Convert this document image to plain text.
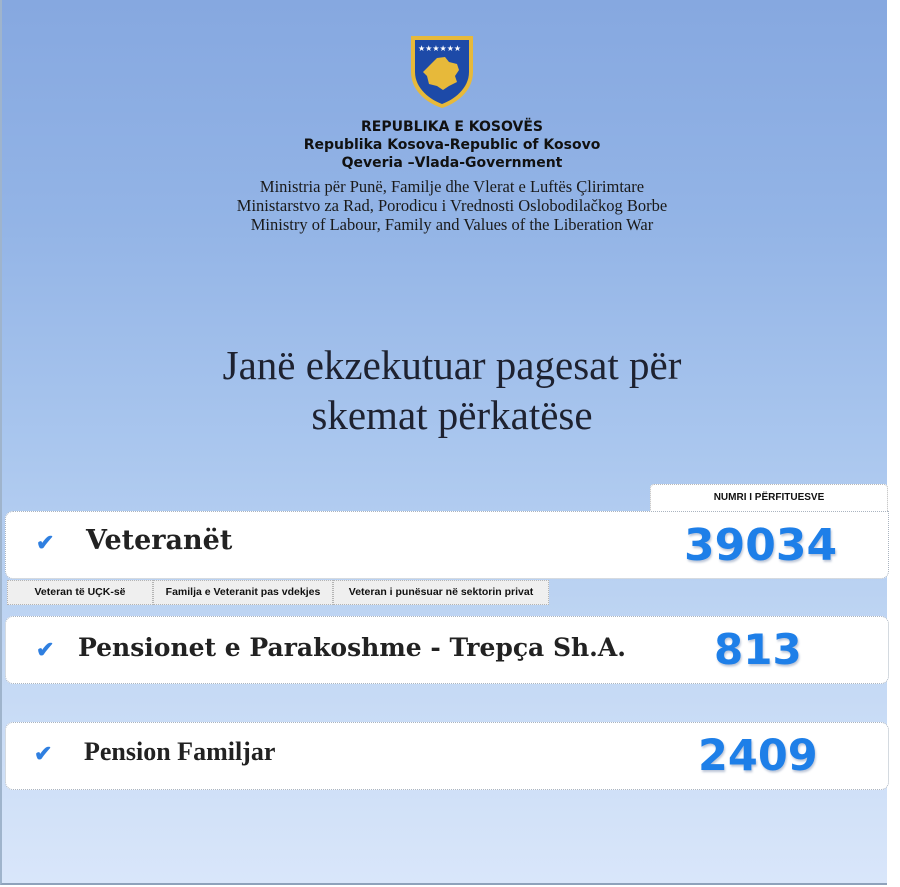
★★★★★★
REPUBLIKA E KOSOVËS
Republika Kosova-Republic of Kosovo
Qeveria –Vlada-Government
Ministria për Punë, Familje dhe Vlerat e Luftës Çlirimtare
Ministarstvo za Rad, Porodicu i Vrednosti Oslobodilačkog Borbe
Ministry of Labour, Family and Values of the Liberation War
Janë ekzekutuar pagesat për
skemat përkatëse
NUMRI I PËRFITUESVE
✔ Veteranët	39034
Veteran të UÇK-së	Familja e Veteranit pas vdekjes	Veteran i punësuar në sektorin privat
✔ Pensionet e Parakoshme - Trepça Sh.A. 813
✔ Pension Familjar	2409
